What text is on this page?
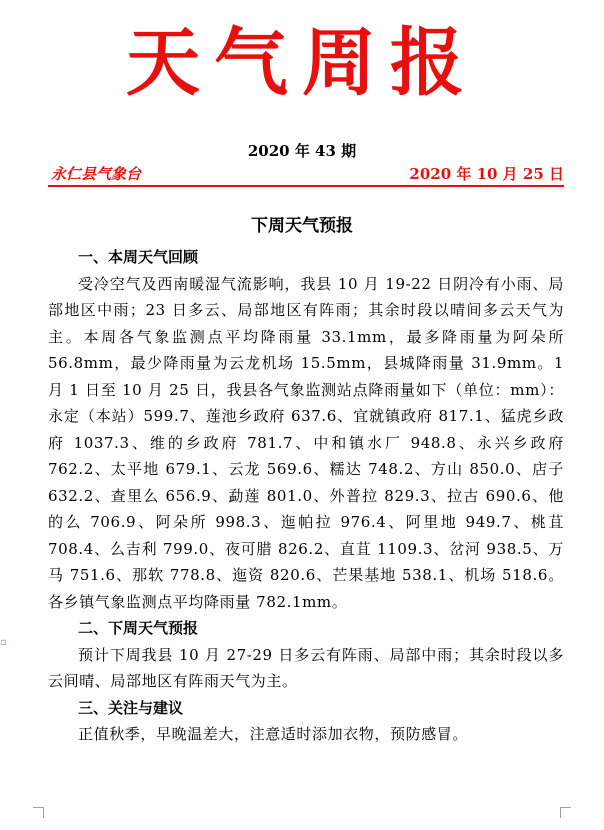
天气周报
2020 年 43 期
永仁县气象台	2020 年 10 月 25 日
下周天气预报

一、本周天气回顾

受冷空气及西南暖湿气流影响，我县 10 月 19-22 日阴冷有小雨、局部地区中雨；23 日多云、局部地区有阵雨；其余时段以晴间多云天气为主。本周各气象监测点平均降雨量 33.1mm，最多降雨量为阿朵所 56.8mm，最少降雨量为云龙机场 15.5mm，县城降雨量 31.9mm。1 月 1 日至 10 月 25 日，我县各气象监测站点降雨量如下（单位：mm）：永定（本站）599.7、莲池乡政府 637.6、宜就镇政府 817.1、猛虎乡政府 1037.3、维的乡政府 781.7、中和镇水厂 948.8、永兴乡政府 762.2、太平地 679.1、云龙 569.6、糯达 748.2、方山 850.0、店子 632.2、查里么 656.9、勐莲 801.0、外普拉 829.3、拉古 690.6、他的么 706.9、阿朵所 998.3、迤帕拉 976.4、阿里地 949.7、桃苴 708.4、么吉利 799.0、夜可腊 826.2、直苴 1109.3、岔河 938.5、万马 751.6、那软 778.8、迤资 820.6、芒果基地 538.1、机场 518.6。各乡镇气象监测点平均降雨量 782.1mm。

二、下周天气预报

预计下周我县 10 月 27-29 日多云有阵雨、局部中雨；其余时段以多云间晴、局部地区有阵雨天气为主。

三、关注与建议

正值秋季，早晚温差大，注意适时添加衣物，预防感冒。

▫
